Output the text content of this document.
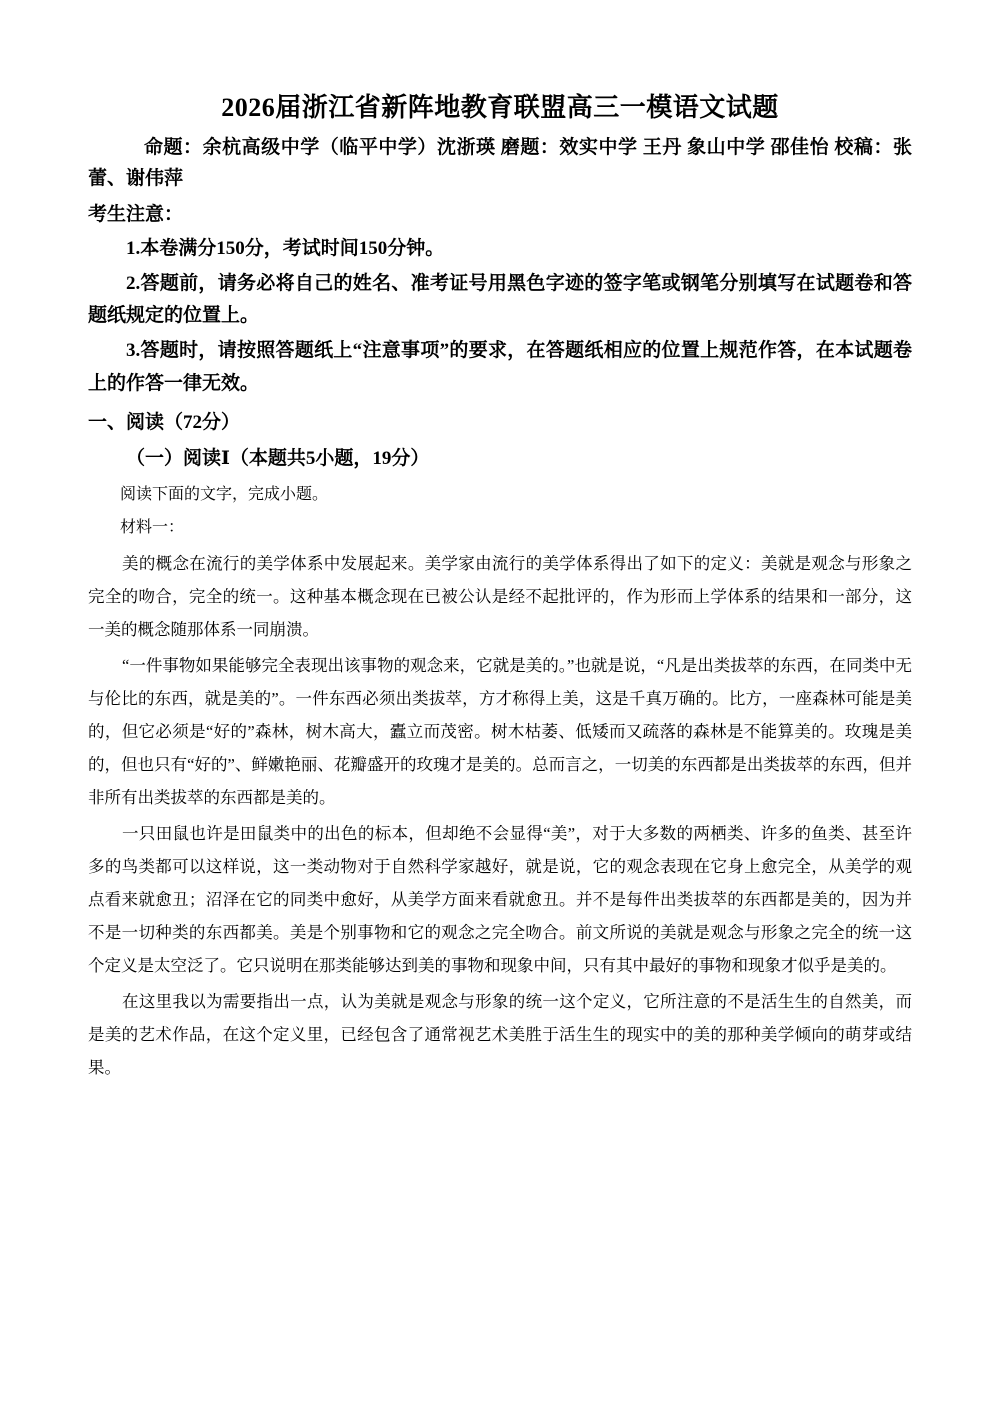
2026届浙江省新阵地教育联盟高三一模语文试题

命题：余杭高级中学（临平中学）沈浙瑛 磨题：效实中学 王丹 象山中学 邵佳怡 校稿：张蕾、谢伟萍

考生注意：

1.本卷满分150分，考试时间150分钟。

2.答题前，请务必将自己的姓名、准考证号用黑色字迹的签字笔或钢笔分别填写在试题卷和答题纸规定的位置上。

3.答题时，请按照答题纸上“注意事项”的要求，在答题纸相应的位置上规范作答，在本试题卷上的作答一律无效。

一、阅读（72分）

（一）阅读Ⅰ（本题共5小题，19分）

阅读下面的文字，完成小题。

材料一：

美的概念在流行的美学体系中发展起来。美学家由流行的美学体系得出了如下的定义：美就是观念与形象之完全的吻合，完全的统一。这种基本概念现在已被公认是经不起批评的，作为形而上学体系的结果和一部分，这一美的概念随那体系一同崩溃。

“一件事物如果能够完全表现出该事物的观念来，它就是美的。”也就是说，“凡是出类拔萃的东西，在同类中无与伦比的东西，就是美的”。一件东西必须出类拔萃，方才称得上美，这是千真万确的。比方，一座森林可能是美的，但它必须是“好的”森林，树木高大，蠹立而茂密。树木枯萎、低矮而又疏落的森林是不能算美的。玫瑰是美的，但也只有“好的”、鲜嫩艳丽、花瓣盛开的玫瑰才是美的。总而言之，一切美的东西都是出类拔萃的东西，但并非所有出类拔萃的东西都是美的。

一只田鼠也许是田鼠类中的出色的标本，但却绝不会显得“美”，对于大多数的两栖类、许多的鱼类、甚至许多的鸟类都可以这样说，这一类动物对于自然科学家越好，就是说，它的观念表现在它身上愈完全，从美学的观点看来就愈丑；沼泽在它的同类中愈好，从美学方面来看就愈丑。并不是每件出类拔萃的东西都是美的，因为并不是一切种类的东西都美。美是个别事物和它的观念之完全吻合。前文所说的美就是观念与形象之完全的统一这个定义是太空泛了。它只说明在那类能够达到美的事物和现象中间，只有其中最好的事物和现象才似乎是美的。

在这里我以为需要指出一点，认为美就是观念与形象的统一这个定义，它所注意的不是活生生的自然美，而是美的艺术作品，在这个定义里，已经包含了通常视艺术美胜于活生生的现实中的美的那种美学倾向的萌芽或结果。
